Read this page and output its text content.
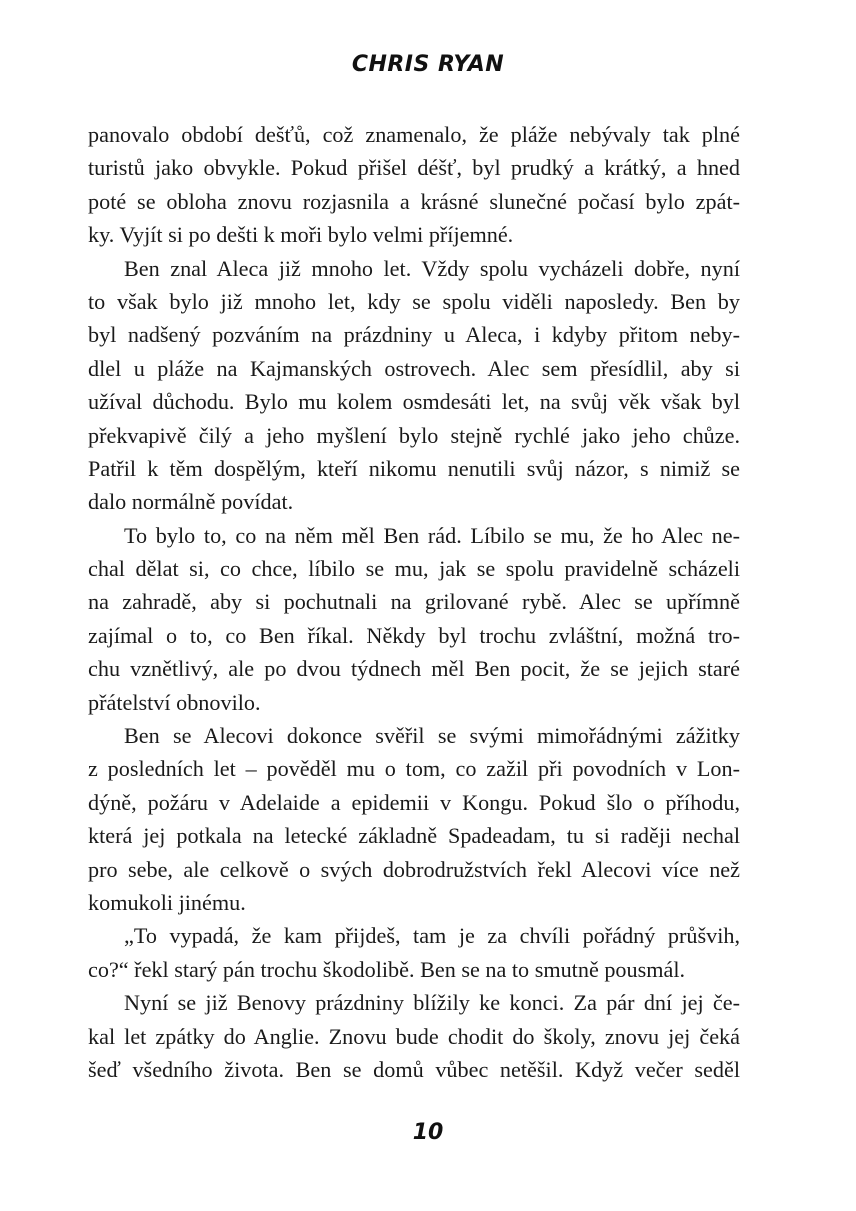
CHRIS RYAN
panovalo období dešťů, což znamenalo, že pláže nebývaly tak plné
turistů jako obvykle. Pokud přišel déšť, byl prudký a krátký, a hned
poté se obloha znovu rozjasnila a krásné slunečné počasí bylo zpát-
ky. Vyjít si po dešti k moři bylo velmi příjemné.
Ben znal Aleca již mnoho let. Vždy spolu vycházeli dobře, nyní
to však bylo již mnoho let, kdy se spolu viděli naposledy. Ben by
byl nadšený pozváním na prázdniny u Aleca, i kdyby přitom neby-
dlel u pláže na Kajmanských ostrovech. Alec sem přesídlil, aby si
užíval důchodu. Bylo mu kolem osmdesáti let, na svůj věk však byl
překvapivě čilý a jeho myšlení bylo stejně rychlé jako jeho chůze.
Patřil k těm dospělým, kteří nikomu nenutili svůj názor, s nimiž se
dalo normálně povídat.
To bylo to, co na něm měl Ben rád. Líbilo se mu, že ho Alec ne-
chal dělat si, co chce, líbilo se mu, jak se spolu pravidelně scházeli
na zahradě, aby si pochutnali na grilované rybě. Alec se upřímně
zajímal o to, co Ben říkal. Někdy byl trochu zvláštní, možná tro-
chu vznětlivý, ale po dvou týdnech měl Ben pocit, že se jejich staré
přátelství obnovilo.
Ben se Alecovi dokonce svěřil se svými mimořádnými zážitky
z posledních let – pověděl mu o tom, co zažil při povodních v Lon-
dýně, požáru v Adelaide a epidemii v Kongu. Pokud šlo o příhodu,
která jej potkala na letecké základně Spadeadam, tu si raději nechal
pro sebe, ale celkově o svých dobrodružstvích řekl Alecovi více než
komukoli jinému.
„To vypadá, že kam přijdeš, tam je za chvíli pořádný průšvih,
co?“ řekl starý pán trochu škodolibě. Ben se na to smutně pousmál.
Nyní se již Benovy prázdniny blížily ke konci. Za pár dní jej če-
kal let zpátky do Anglie. Znovu bude chodit do školy, znovu jej čeká
šeď všedního života. Ben se domů vůbec netěšil. Když večer seděl
10
